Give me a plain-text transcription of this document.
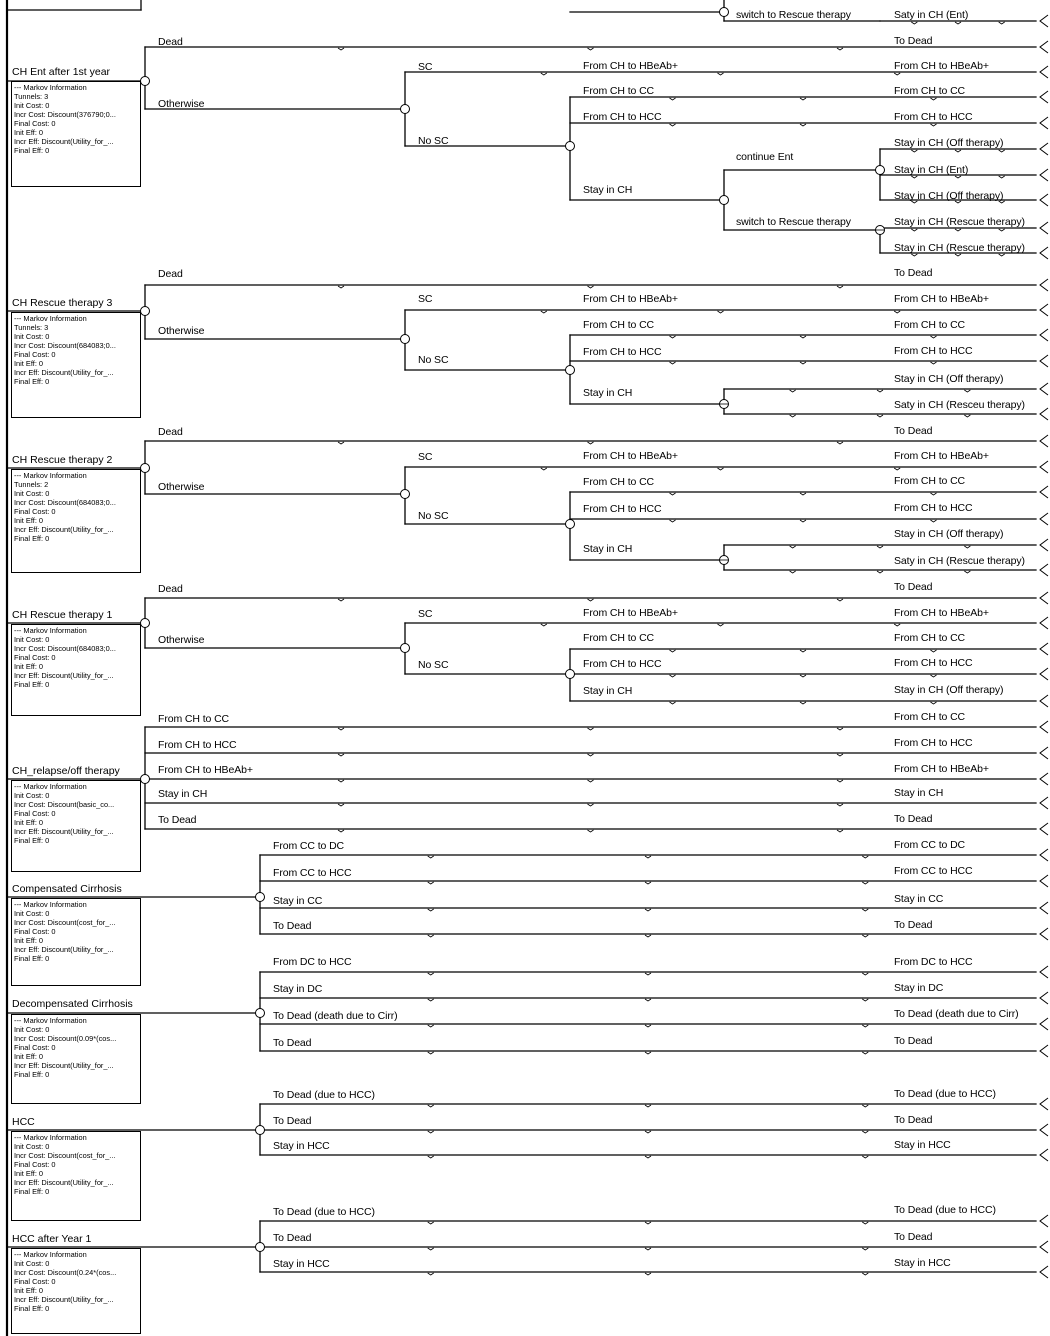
CH Ent after 1st year
CH Rescue therapy 3
CH Rescue therapy 2
CH Rescue therapy 1
CH_relapse/off therapy
Compensated Cirrhosis
Decompensated Cirrhosis
HCC
HCC after Year 1
--- Markov Information
Tunnels: 3
Init Cost: 0
Incr Cost: Discount(376790;0...
Final Cost: 0
Init Eff: 0
Incr Eff: Discount(Utility_for_...
Final Eff: 0
--- Markov Information
Tunnels: 3
Init Cost: 0
Incr Cost: Discount(684083;0...
Final Cost: 0
Init Eff: 0
Incr Eff: Discount(Utility_for_...
Final Eff: 0
--- Markov Information
Tunnels: 2
Init Cost: 0
Incr Cost: Discount(684083;0...
Final Cost: 0
Init Eff: 0
Incr Eff: Discount(Utility_for_...
Final Eff: 0
--- Markov Information
Init Cost: 0
Incr Cost: Discount(684083;0...
Final Cost: 0
Init Eff: 0
Incr Eff: Discount(Utility_for_...
Final Eff: 0
--- Markov Information
Init Cost: 0
Incr Cost: Discount(basic_co...
Final Cost: 0
Init Eff: 0
Incr Eff: Discount(Utility_for_...
Final Eff: 0
--- Markov Information
Init Cost: 0
Incr Cost: Discount(cost_for_...
Final Cost: 0
Init Eff: 0
Incr Eff: Discount(Utility_for_...
Final Eff: 0
--- Markov Information
Init Cost: 0
Incr Cost: Discount(0.09*(cos...
Final Cost: 0
Init Eff: 0
Incr Eff: Discount(Utility_for_...
Final Eff: 0
--- Markov Information
Init Cost: 0
Incr Cost: Discount(cost_for_...
Final Cost: 0
Init Eff: 0
Incr Eff: Discount(Utility_for_...
Final Eff: 0
--- Markov Information
Init Cost: 0
Incr Cost: Discount(0.24*(cos...
Final Cost: 0
Init Eff: 0
Incr Eff: Discount(Utility_for_...
Final Eff: 0
switch to Rescue therapy
Dead
SC	From CH to HBeAb+
Otherwise
From CH to CC
From CH to HCC
No SC
continue Ent
Stay in CH
switch to Rescue therapy
Dead
SC	From CH to HBeAb+
Otherwise	From CH to CC
No SC
From CH to HCC
Stay in CH
Dead
SC	From CH to HBeAb+
Otherwise	From CH to CC
From CH to HCC
No SC
Stay in CH
Dead
SC	From CH to HBeAb+
Otherwise	From CH to CC
No SC	From CH to HCC
Stay in CH
From CH to CC
From CH to HCC
From CH to HBeAb+
Stay in CH
To Dead
From CC to DC
From CC to HCC
Stay in CC
To Dead
From DC to HCC
Stay in DC
To Dead (death due to Cirr)
To Dead
To Dead (due to HCC)
To Dead
Stay in HCC
To Dead (due to HCC)
To Dead
Stay in HCC
Saty in CH (Ent)
To Dead
From CH to HBeAb+
From CH to CC
From CH to HCC
Stay in CH (Off therapy)
Stay in CH (Ent)
Stay in CH (Off therapy)
Stay in CH (Rescue therapy)
Stay in CH (Rescue therapy)
To Dead
From CH to HBeAb+
From CH to CC
From CH to HCC
Stay in CH (Off therapy)
Saty in CH (Resceu therapy)
To Dead
From CH to HBeAb+
From CH to CC
From CH to HCC
Stay in CH (Off therapy)
Saty in CH (Rescue therapy)
To Dead
From CH to HBeAb+
From CH to CC
From CH to HCC
Stay in CH (Off therapy)
From CH to CC
From CH to HCC
From CH to HBeAb+
Stay in CH
To Dead
From CC to DC
From CC to HCC
Stay in CC
To Dead
From DC to HCC
Stay in DC
To Dead (death due to Cirr)
To Dead
To Dead (due to HCC)
To Dead
Stay in HCC
To Dead (due to HCC)
To Dead
Stay in HCC
